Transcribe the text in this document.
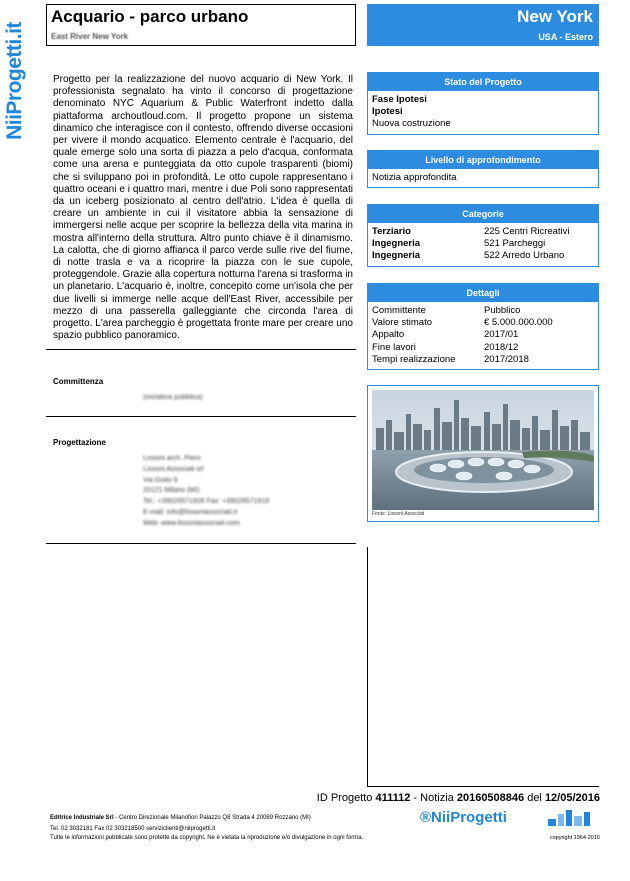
NiiProgetti.it
Acquario - parco urbano
East River New York
New York
USA - Estero
Progetto per la realizzazione del nuovo acquario di New York. Il professionista segnalato ha vinto il concorso di progettazione denominato NYC Aquarium & Public Waterfront indetto dalla piattaforma archoutloud.com. Il progetto propone un sistema dinamico che interagisce con il contesto, offrendo diverse occasioni per vivere il mondo acquatico. Elemento centrale è l'acquario, del quale emerge solo una sorta di piazza a pelo d'acqua, conformata come una arena e punteggiata da otto cupole trasparenti (biomi) che si sviluppano poi in profondità. Le otto cupole rappresentano i quattro oceani e i quattro mari, mentre i due Poli sono rappresentati da un iceberg posizionato al centro dell'atrio. L'idea è quella di creare un ambiente in cui il visitatore abbia la sensazione di immergersi nelle acque per scoprire la bellezza della vita marina in mostra all'interno della struttura. Altro punto chiave è il dinamismo. La calotta, che di giorno affianca il parco verde sulle rive del fiume, di notte trasla e va a ricoprire la piazza con le sue cupole, proteggendole. Grazie alla copertura notturna l'arena si trasforma in un planetario. L'acquario è, inoltre, concepito come un'isola che per due livelli si immerge nelle acque dell'East River, accessibile per mezzo di una passerella galleggiante che circonda l'area di progetto. L'area parcheggio è progettata fronte mare per creare uno spazio pubblico panoramico.
Committenza
(iniziativa pubblica)
Progettazione
Lissoni arch. Piero
Lissoni Associati srl
Via Goito 9
20121 Milano (MI)
Tel.: +39026571926 Fax: +39026571918
E-mail: info@lissoniassociati.it
Web: www.lissoniassociati.com
Stato del Progetto
Fase Ipotesi
Ipotesi
Nuova costruzione
Livello di approfondimento
Notizia approfondita
Categorie
Terziario	225 Centri Ricreativi
Ingegneria	521 Parcheggi
Ingegneria	522 Arredo Urbano
Dettagli
Committente	Pubblico
Valore stimato	€ 5.000.000.000
Appalto	2017/01
Fine lavori	2018/12
Tempi realizzazione	2017/2018
Fonte: Lissoni Associati
ID Progetto 411112 - Notizia 20160508846 del 12/05/2016
Editrice Industriale Srl - Centro Direzionale Milanofiori Palazzo Q8 Strada 4 20089 Rozzano (MI)
Tel. 02 3032181 Fax 02 303218500 serviziclienti@niiprogetti.it
Tutte le informazioni pubblicate sono protette da copyright. Ne è vietata la riproduzione e/o divulgazione in ogni forma.
®NiiProgetti
copyright 1964-2016
